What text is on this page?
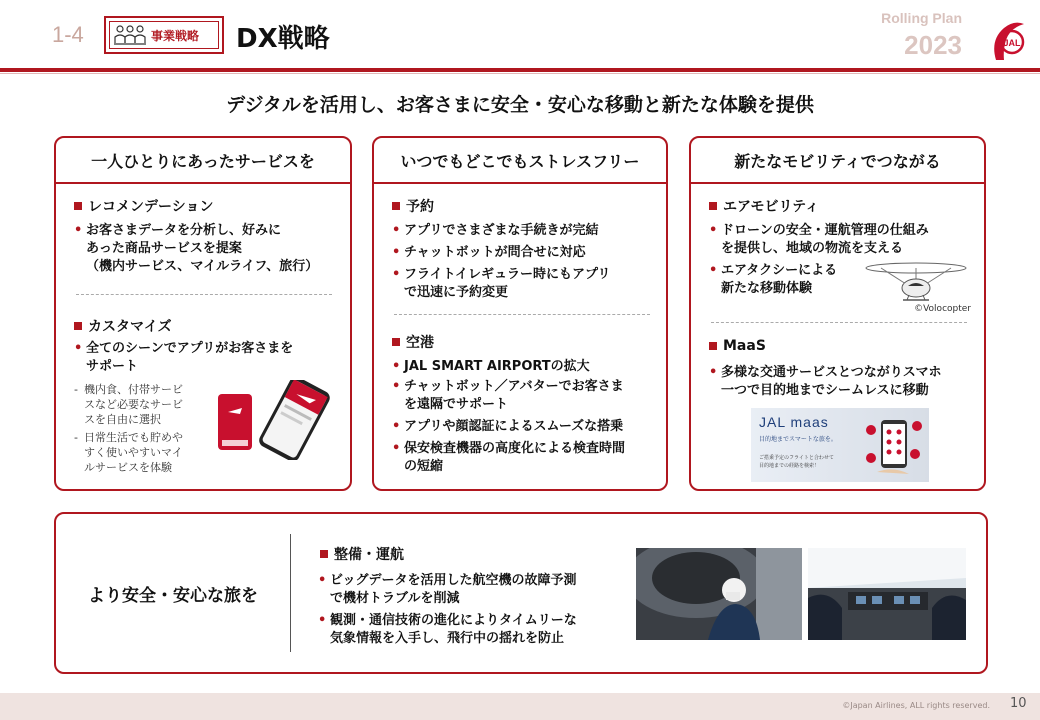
1-4	事業戦略 DX戦略
Rolling Plan
2023	JAL
デジタルを活用し、お客さまに安全・安心な移動と新たな体験を提供
一人ひとりにあったサービスを
レコメンデーション
• お客さまデータを分析し、好みに
あった商品サービスを提案
（機内サービス、マイルライフ、旅行）
カスタマイズ
• 全てのシーンでアプリがお客さまを
サポート
- 機内食、付帯サービ
スなど必要なサービ
スを自由に選択
- 日常生活でも貯めや
すく使いやすいマイ
ルサービスを体験
いつでもどこでもストレスフリー
予約
• アプリでさまざまな手続きが完結
• チャットボットが問合せに対応
• フライトイレギュラー時にもアプリ
で迅速に予約変更
空港
• JAL SMART AIRPORTの拡大
• チャットボット／アバターでお客さま
を遠隔でサポート
• アプリや顔認証によるスムーズな搭乗
• 保安検査機器の高度化による検査時間
の短縮
新たなモビリティでつながる
エアモビリティ
• ドローンの安全・運航管理の仕組み
を提供し、地域の物流を支える
• エアタクシーによる
新たな移動体験
©Volocopter
MaaS
• 多様な交通サービスとつながりスマホ
一つで目的地までシームレスに移動
JAL maas
目的地までスマートな旅を。
ご搭乗予定のフライトと合わせて
目的地までの経路を検索！
より安全・安心な旅を
整備・運航
• ビッグデータを活用した航空機の故障予測
で機材トラブルを削減
• 観測・通信技術の進化によりタイムリーな
気象情報を入手し、飛行中の揺れを防止
©Japan Airlines, ALL rights reserved. 10
